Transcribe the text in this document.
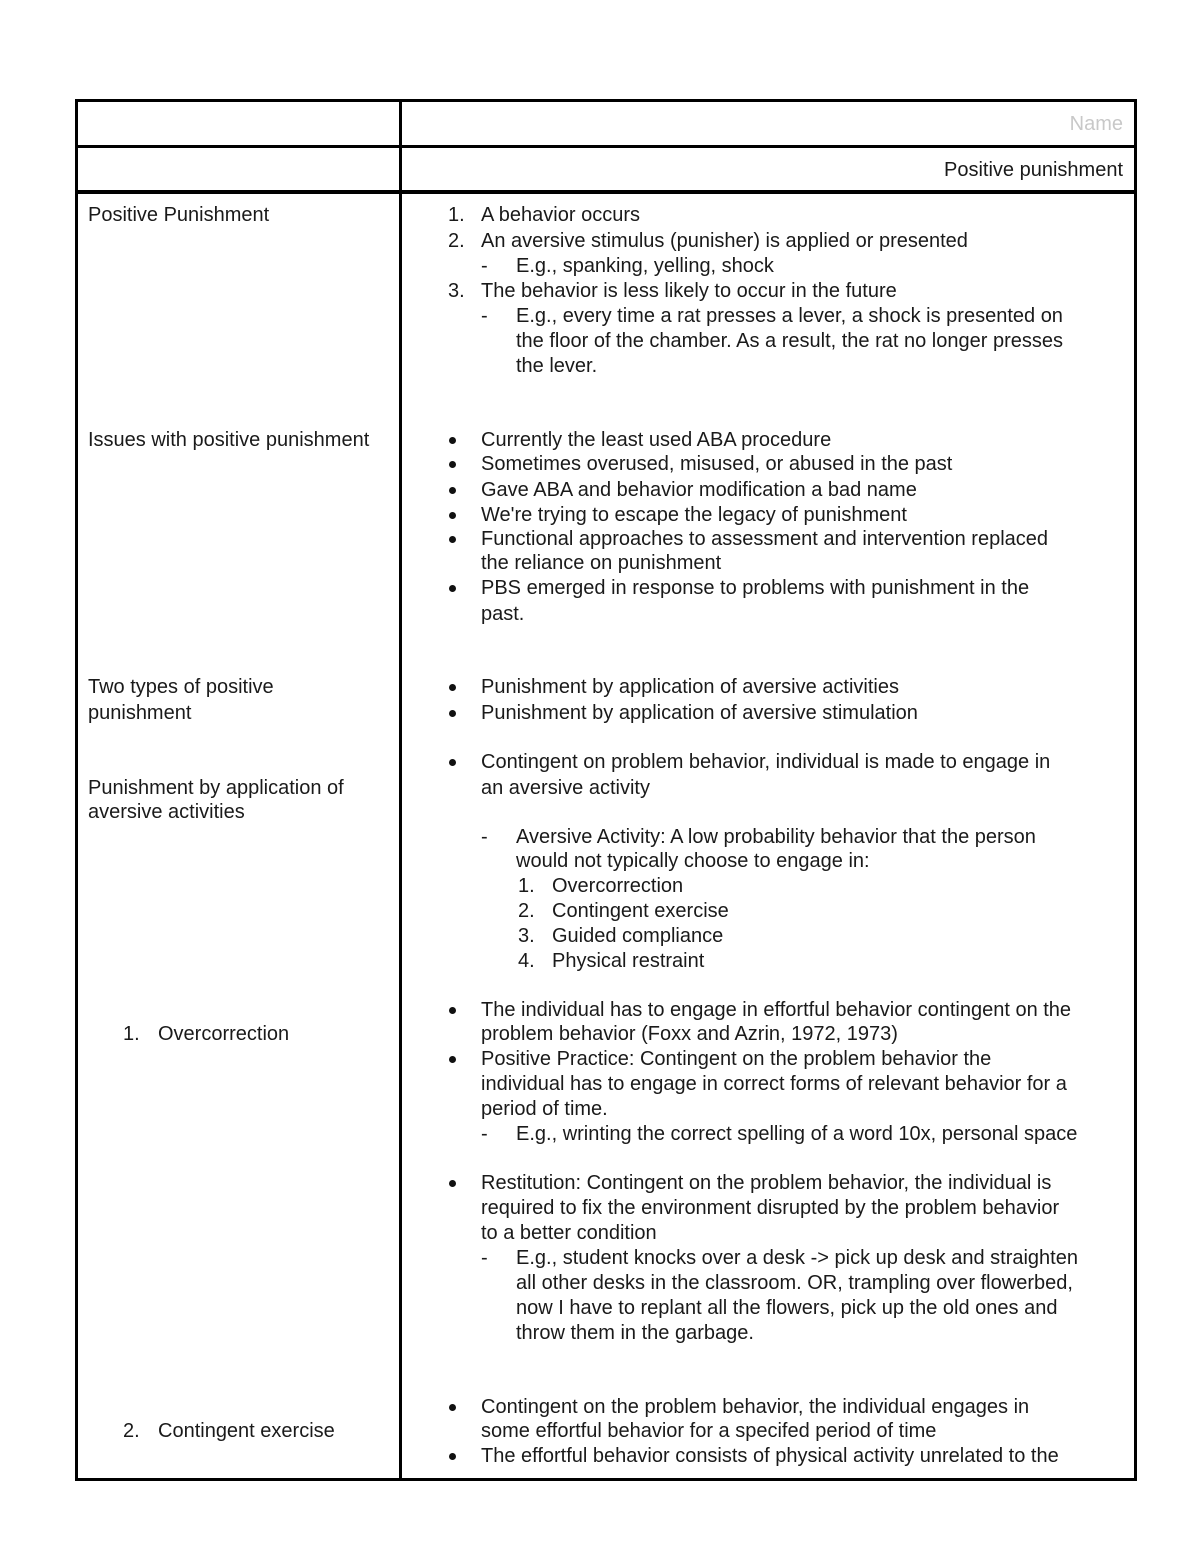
Name
Positive punishment
Positive Punishment	1. A behavior occurs
2. An aversive stimulus (punisher) is applied or presented
- E.g., spanking, yelling, shock
3. The behavior is less likely to occur in the future
- E.g., every time a rat presses a lever, a shock is presented on
the floor of the chamber. As a result, the rat no longer presses
the lever.
Issues with positive punishment	Currently the least used ABA procedure
Sometimes overused, misused, or abused in the past
Gave ABA and behavior modification a bad name
We're trying to escape the legacy of punishment
Functional approaches to assessment and intervention replaced
the reliance on punishment
PBS emerged in response to problems with punishment in the
past.
Two types of positive
punishment
Punishment by application of aversive activities
Punishment by application of aversive stimulation
Punishment by application of
aversive activities
Contingent on problem behavior, individual is made to engage in
an aversive activity
- Aversive Activity: A low probability behavior that the person
would not typically choose to engage in:
1. Overcorrection
2. Contingent exercise
3. Guided compliance
4. Physical restraint
1. Overcorrection
The individual has to engage in effortful behavior contingent on the
problem behavior (Foxx and Azrin, 1972, 1973)
Positive Practice: Contingent on the problem behavior the
individual has to engage in correct forms of relevant behavior for a
period of time.
- E.g., wrinting the correct spelling of a word 10x, personal space
Restitution: Contingent on the problem behavior, the individual is
required to fix the environment disrupted by the problem behavior
to a better condition
- E.g., student knocks over a desk -> pick up desk and straighten
all other desks in the classroom. OR, trampling over flowerbed,
now I have to replant all the flowers, pick up the old ones and
throw them in the garbage.
2. Contingent exercise
Contingent on the problem behavior, the individual engages in
some effortful behavior for a specifed period of time
The effortful behavior consists of physical activity unrelated to the
